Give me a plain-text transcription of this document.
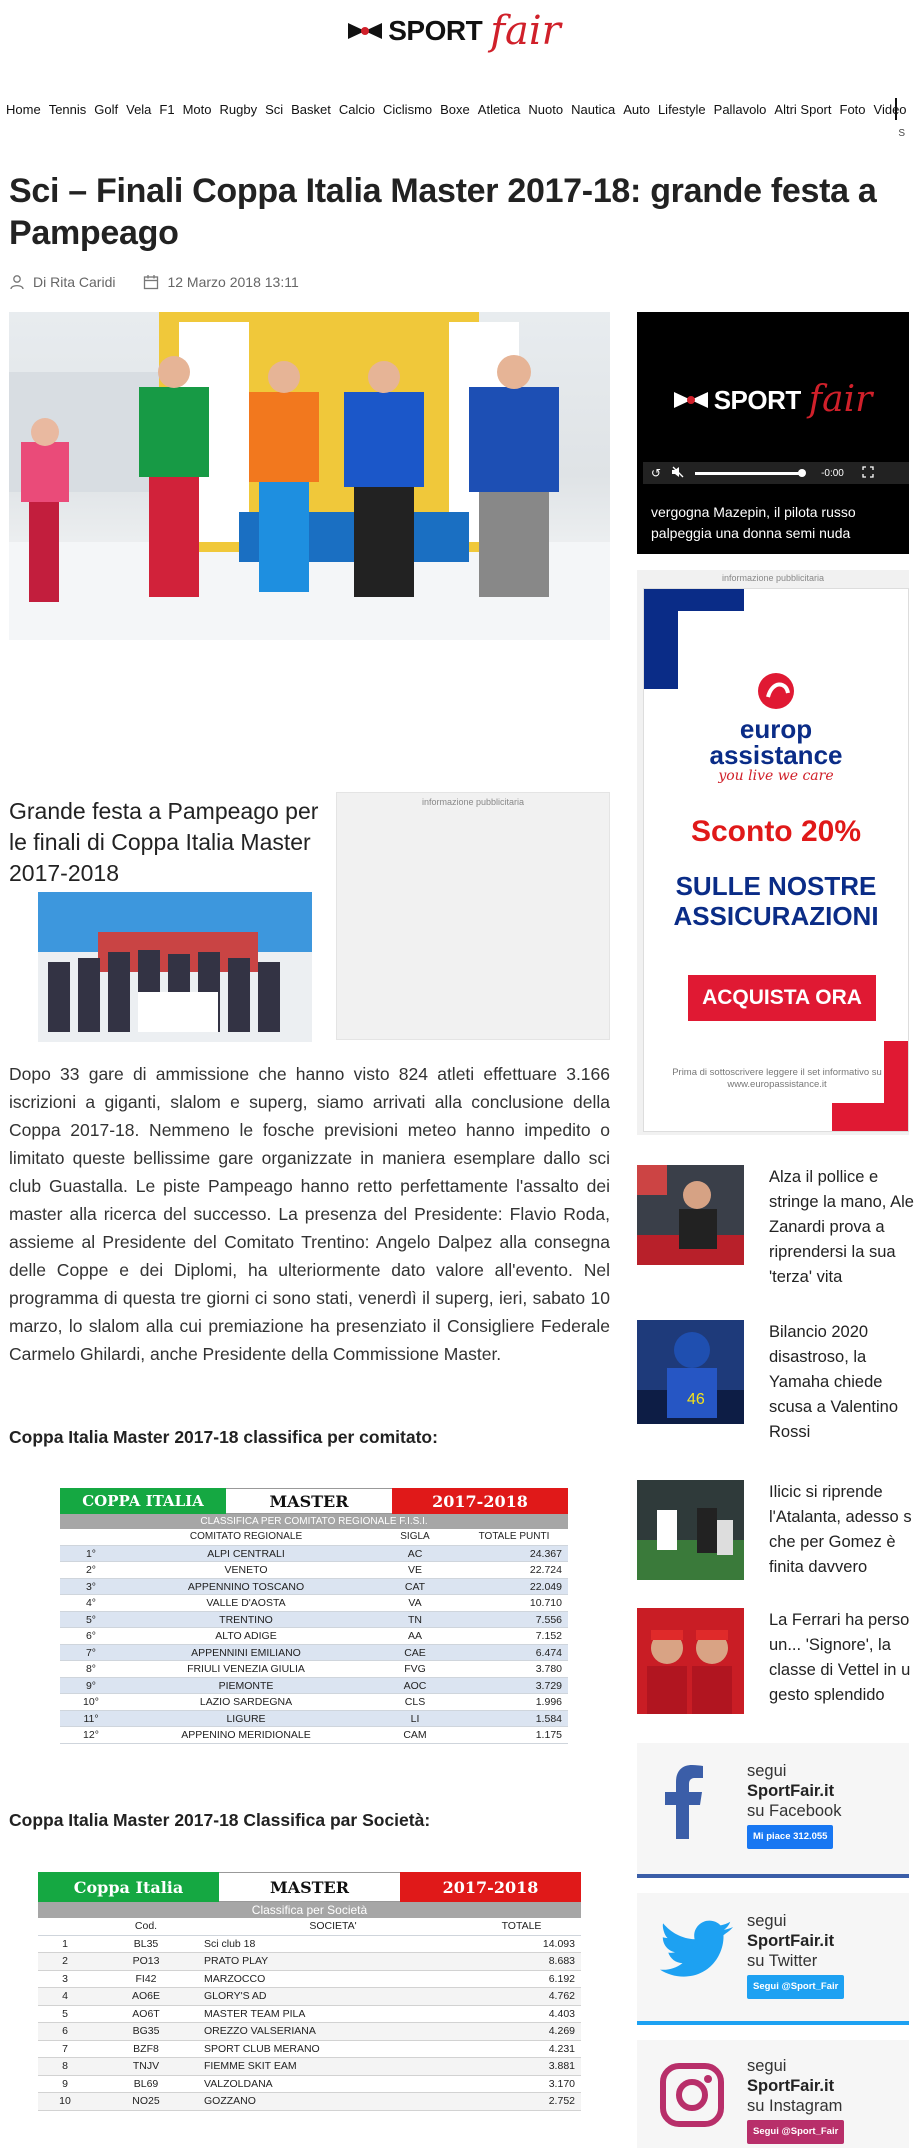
SPORT fair
Home Tennis Golf Vela F1 Moto Rugby Sci Basket Calcio Ciclismo Boxe Atletica Nuoto Nautica Auto Lifestyle Pallavolo Altri Sport Foto Video
S
Sci – Finali Coppa Italia Master 2017-18: grande festa a Pampeago
Di Rita Caridi	12 Marzo 2018 13:11
Grande festa a Pampeago per le finali di Coppa Italia Master 2017-2018
informazione pubblicitaria

Dopo 33 gare di ammissione che hanno visto 824 atleti effettuare 3.166 iscrizioni a giganti, slalom e superg, siamo arrivati alla conclusione della Coppa 2017-18. Nemmeno le fosche previsioni meteo hanno impedito o limitato queste bellissime gare organizzate in maniera esemplare dallo sci club Guastalla. Le piste Pampeago hanno retto perfettamente l'assalto dei master alla ricerca del successo. La presenza del Presidente: Flavio Roda, assieme al Presidente del Comitato Trentino: Angelo Dalpez alla consegna delle Coppe e dei Diplomi, ha ulteriormente dato valore all'evento. Nel programma di questa tre giorni ci sono stati, venerdì il superg, ieri, sabato 10 marzo, lo slalom alla cui premiazione ha presenziato il Consigliere Federale Carmelo Ghilardi, anche Presidente della Commissione Master.

Coppa Italia Master 2017-18 classifica per comitato:
COPPA ITALIA	MASTER	2017-2018
CLASSIFICA PER COMITATO REGIONALE F.I.S.I.
COMITATO REGIONALE	SIGLA	TOTALE PUNTI
1°	ALPI CENTRALI	AC	24.367
2°	VENETO	VE	22.724
3°	APPENNINO TOSCANO	CAT	22.049
4°	VALLE D'AOSTA	VA	10.710
5°	TRENTINO	TN	7.556
6°	ALTO ADIGE	AA	7.152
7°	APPENNINI EMILIANO	CAE	6.474
8°	FRIULI VENEZIA GIULIA	FVG	3.780
9°	PIEMONTE	AOC	3.729
10°	LAZIO SARDEGNA	CLS	1.996
11°	LIGURE	LI	1.584
12°	APPENINO MERIDIONALE	CAM	1.175
Coppa Italia Master 2017-18 Classifica par Società:
Coppa Italia	MASTER	2017-2018
Classifica per Società
Cod.	SOCIETA'	TOTALE
1	BL35	Sci club 18	14.093
2	PO13	PRATO PLAY	8.683
3	FI42	MARZOCCO	6.192
4	AO6E	GLORY'S AD	4.762
5	AO6T	MASTER TEAM PILA	4.403
6	BG35	OREZZO VALSERIANA	4.269
7	BZF8	SPORT CLUB MERANO	4.231
8	TNJV	FIEMME SKIT EAM	3.881
9	BL69	VALZOLDANA	3.170
10	NO25	GOZZANO	2.752
SPORT fair
↺	-0:00
vergogna Mazepin, il pilota russo palpeggia una donna semi nuda
informazione pubblicitaria
europ
assistance
you live we care
Sconto 20%
SULLE NOSTRE
ASSICURAZIONI
ACQUISTA ORA
Prima di sottoscrivere leggere il set informativo su www.europassistance.it
Alza il pollice e
stringe la mano, Ale
Zanardi prova a
riprendersi la sua
'terza' vita
46
Bilancio 2020
disastroso, la
Yamaha chiede
scusa a Valentino
Rossi
Ilicic si riprende
l'Atalanta, adesso s
che per Gomez è
finita davvero
La Ferrari ha perso
un... 'Signore', la
classe di Vettel in u
gesto splendido
segui
SportFair.it
su Facebook
Mi piace 312.055
segui
SportFair.it
su Twitter
Segui @Sport_Fair
segui
SportFair.it
su Instagram
Segui @Sport_Fair
